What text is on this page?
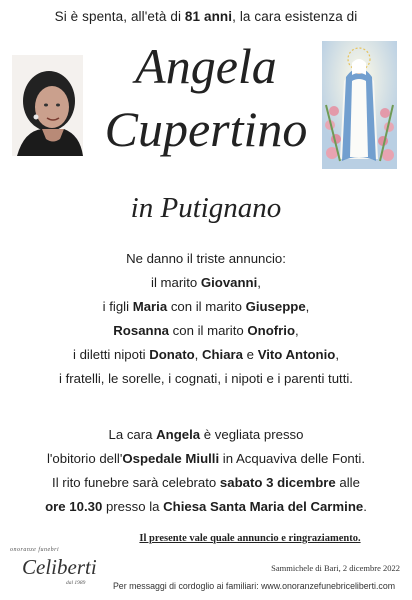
Si è spenta, all'età di 81 anni, la cara esistenza di
Angela
Cupertino
in Putignano
Ne danno il triste annuncio:
il marito Giovanni,
i figli Maria con il marito Giuseppe,
Rosanna con il marito Onofrio,
i diletti nipoti Donato, Chiara e Vito Antonio,
i fratelli, le sorelle, i cognati, i nipoti e i parenti tutti.
La cara Angela è vegliata presso
l'obitorio dell'Ospedale Miulli in Acquaviva delle Fonti.
Il rito funebre sarà celebrato sabato 3 dicembre alle
ore 10.30 presso la Chiesa Santa Maria del Carmine.
onoranze funebri
Celiberti
dal 1989
Il presente vale quale annuncio e ringraziamento.
Sammichele di Bari, 2 dicembre 2022
Per messaggi di cordoglio ai familiari: www.onoranzefunebriceliberti.com
